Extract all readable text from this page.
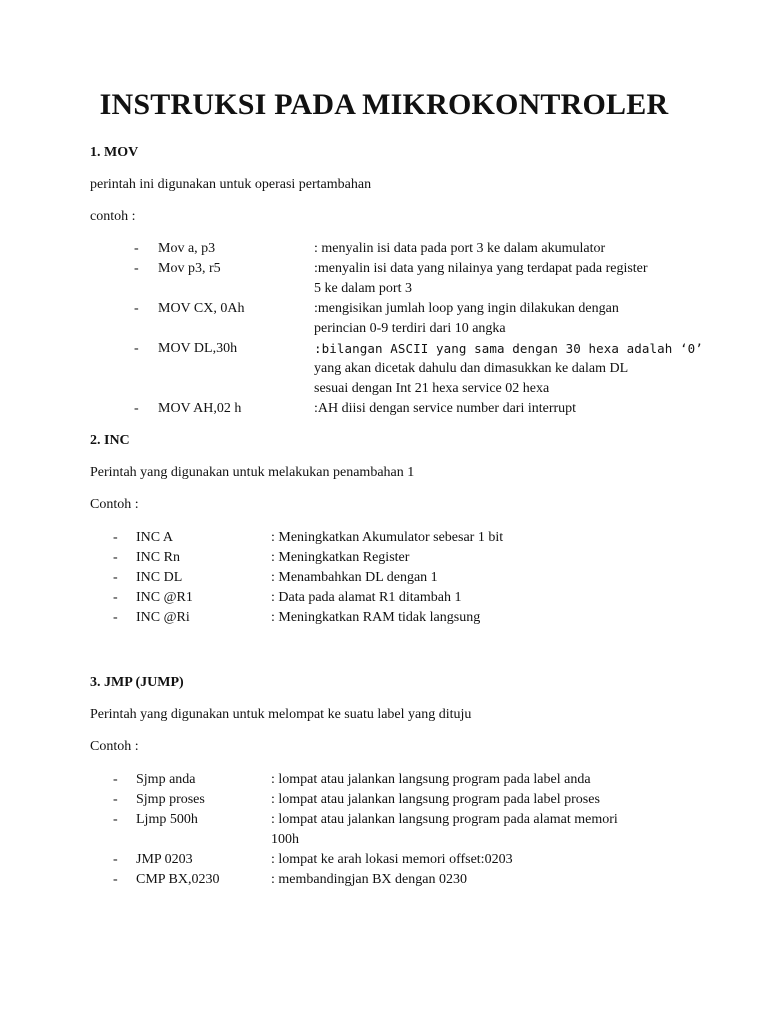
INSTRUKSI PADA MIKROKONTROLER
1. MOV
perintah ini digunakan untuk operasi pertambahan
contoh :
- Mov a, p3	: menyalin isi data pada port 3 ke dalam akumulator
- Mov p3, r5	:menyalin isi data yang nilainya yang terdapat pada register
5 ke dalam port 3
- MOV CX, 0Ah	:mengisikan jumlah loop yang ingin dilakukan dengan
perincian 0-9 terdiri dari 10 angka
- MOV DL,30h	:bilangan ASCII yang sama dengan 30 hexa adalah ‘0’
yang akan dicetak dahulu dan dimasukkan ke dalam DL
sesuai dengan Int 21 hexa service 02 hexa
- MOV AH,02 h	:AH diisi dengan service number dari interrupt
2. INC
Perintah yang digunakan untuk melakukan penambahan 1
Contoh :
- INC A	: Meningkatkan Akumulator sebesar 1 bit
- INC Rn	: Meningkatkan Register
- INC DL	: Menambahkan DL dengan 1
- INC @R1	: Data pada alamat R1 ditambah 1
- INC @Ri	: Meningkatkan RAM tidak langsung
3. JMP (JUMP)
Perintah yang digunakan untuk melompat ke suatu label yang dituju
Contoh :
- Sjmp anda	: lompat atau jalankan langsung program pada label anda
- Sjmp proses	: lompat atau jalankan langsung program pada label proses
- Ljmp 500h	: lompat atau jalankan langsung program pada alamat memori
100h
- JMP 0203	: lompat ke arah lokasi memori offset:0203
- CMP BX,0230	: membandingjan BX dengan 0230
